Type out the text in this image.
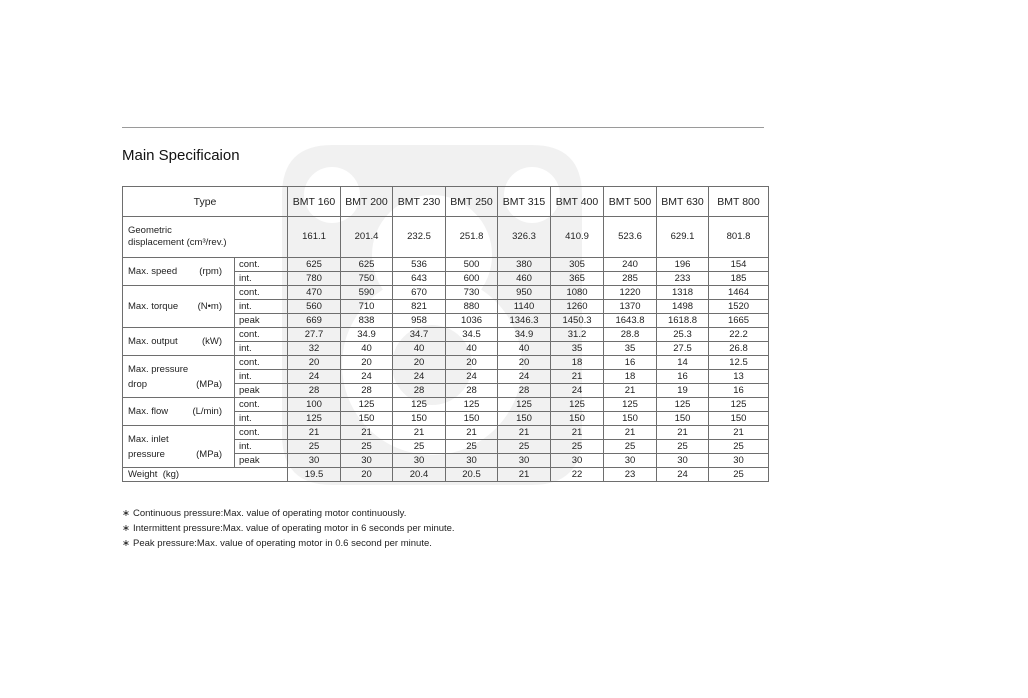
Main Specificaion
Type		BMT 160	BMT 200	BMT 230	BMT 250	BMT 315	BMT 400	BMT 500	BMT 630	BMT 800

Geometric
displacement (cm³/rev.)		161.1	201.4	232.5	251.8	326.3	410.9	523.6	629.1	801.8

Max. speed (rpm)	cont.	625	625	536	500	380	305	240	196	154
	int.	780	750	643	600	460	365	285	233	185

Max. torque (N•m)	cont.	470	590	670	730	950	1080	1220	1318	1464
	int.	560	710	821	880	1140	1260	1370	1498	1520
	peak	669	838	958	1036	1346.3	1450.3	1643.8	1618.8	1665

Max. output (kW)	cont.	27.7	34.9	34.7	34.5	34.9	31.2	28.8	25.3	22.2
	int.	32	40	40	40	40	35	35	27.5	26.8

Max. pressure
drop (MPa)	cont.	20	20	20	20	20	18	16	14	12.5
	int.	24	24	24	24	24	21	18	16	13
	peak	28	28	28	28	28	24	21	19	16

Max. flow (L/min)	cont.	100	125	125	125	125	125	125	125	125
	int.	125	150	150	150	150	150	150	150	150

Max. inlet
pressure (MPa)	cont.	21	21	21	21	21	21	21	21	21
	int.	25	25	25	25	25	25	25	25	25
	peak	30	30	30	30	30	30	30	30	30
Weight (kg)		19.5	20	20.4	20.5	21	22	23	24	25
∗ Continuous pressure:Max. value of operating motor continuously.
∗ Intermittent pressure:Max. value of operating motor in 6 seconds per minute.
∗ Peak pressure:Max. value of operating motor in 0.6 second per minute.
